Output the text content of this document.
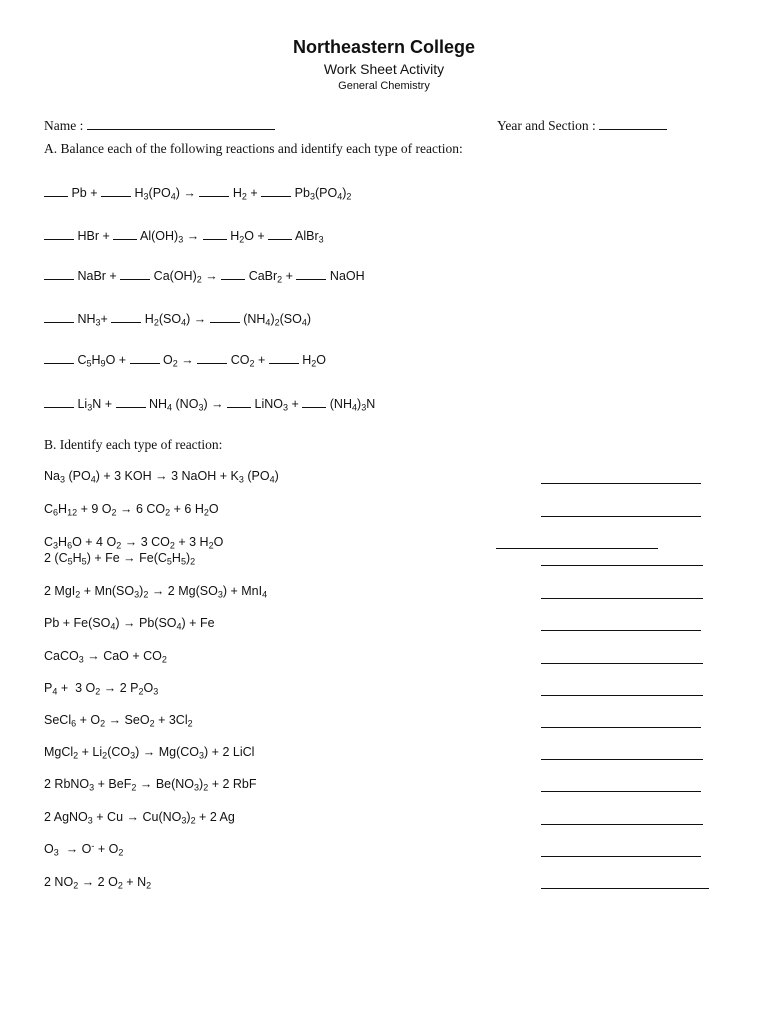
Northeastern College
Work Sheet Activity
General Chemistry
Name :	Year and Section :
A. Balance each of the following reactions and identify each type of reaction:
$Pb + H_3(PO_4)$ →	$H_2 + Pb_3(PO_4)_2$
HBr +  $Al(OH)_3 \to H_2O$ +  AlBr$_3$
NaBr +  $Ca(OH)_2$ →  CaBr$_2$ +  NaOH
$NH_3+ H_2(SO_4)$ →	$(NH_4)_2(SO_4)$
$C_5H_9O + O_2$ →	$CO_2 + H_2O$
$Li_3N + NH_4$ $(NO_3)$ →  LiNO$_3$ +  $(NH_4)_3N$
B. Identify each type of reaction:
$Na_3$ $(PO_4) + 3$ KOH → 3 NaOH + $K_3$ $(PO_4)$
$C_6H_{12} + 9$ $O_2 \to 6$ $CO_2 + 6$ $H_2O$
$C_3H_6O + 4$ $O_2 \to 3$ $CO_2 + 3$ $H_2O$
2 $(C_5H_5) + Fe \to Fe(C_5H_5)_2$
2 $MgI_2 + Mn(SO_3)_2 \to 2$ $Mg(SO_3) + MnI_4$
$Pb + Fe(SO_4) \to Pb(SO_4) + Fe$
CaCO$_3$ → CaO + $CO_2$
$P_4 + 3$ $O_2 \to 2$ $P_2O_3$
SeCl$_6$ + $O_2 \to SeO_2 + 3Cl_2$
MgCl$_2$ + $Li_2(CO_3) \to Mg(CO_3) + 2$ LiCl
2 RbNO$_3$ + $BeF_2 \to Be(NO_3)_2 + 2$ RbF
2 AgNO$_3$ + $Cu \to Cu(NO_3)_2 + 2$ Ag
$O_3 \to O^- + O_2$
2 $NO_2 \to 2$ $O_2 + N_2$
